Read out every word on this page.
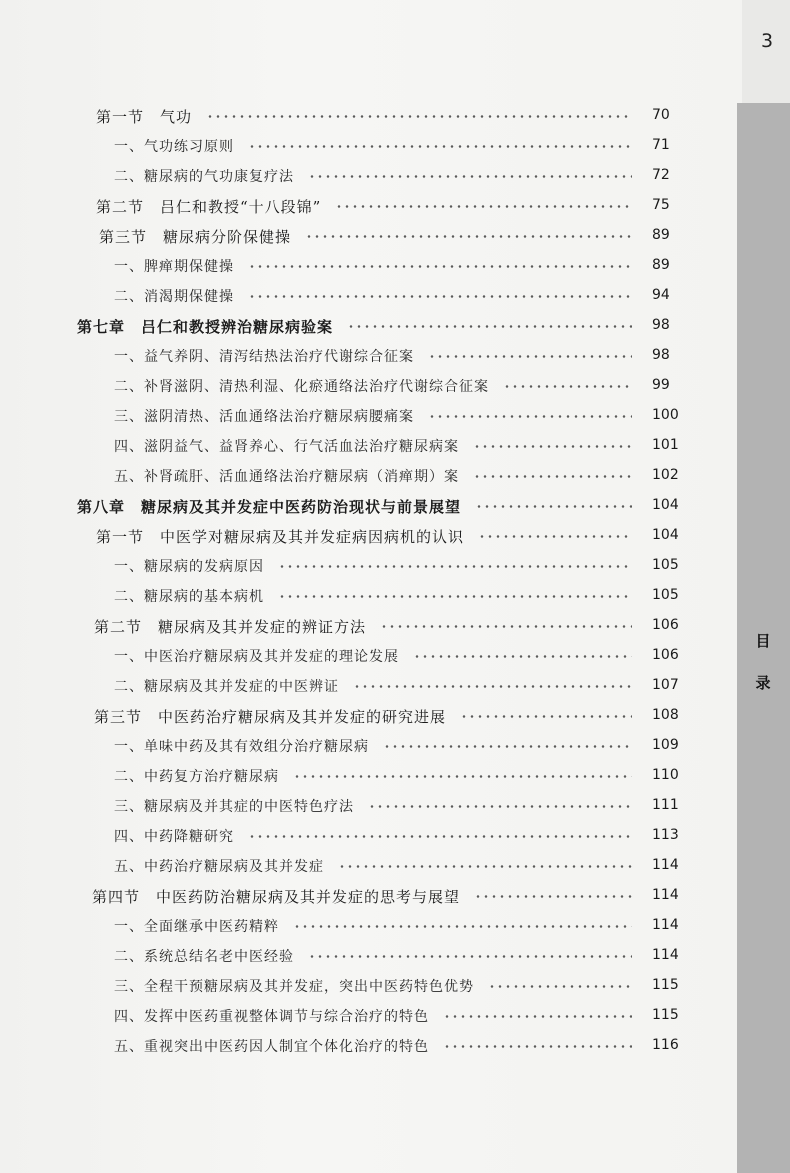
目录
3
第一节　气功	70
一、气功练习原则	71
二、糖尿病的气功康复疗法	72
第二节　吕仁和教授“十八段锦”	75
第三节　糖尿病分阶保健操	89
一、脾瘅期保健操	89
二、消渴期保健操	94
第七章　吕仁和教授辨治糖尿病验案	98
一、益气养阴、清泻结热法治疗代谢综合征案	98
二、补肾滋阴、清热利湿、化瘀通络法治疗代谢综合征案	99
三、滋阴清热、活血通络法治疗糖尿病腰痛案	100
四、滋阴益气、益肾养心、行气活血法治疗糖尿病案	101
五、补肾疏肝、活血通络法治疗糖尿病（消瘅期）案	102
第八章　糖尿病及其并发症中医药防治现状与前景展望	104
第一节　中医学对糖尿病及其并发症病因病机的认识	104
一、糖尿病的发病原因	105
二、糖尿病的基本病机	105
第二节　糖尿病及其并发症的辨证方法	106
一、中医治疗糖尿病及其并发症的理论发展	106
二、糖尿病及其并发症的中医辨证	107
第三节　中医药治疗糖尿病及其并发症的研究进展	108
一、单味中药及其有效组分治疗糖尿病	109
二、中药复方治疗糖尿病	110
三、糖尿病及并其症的中医特色疗法	111
四、中药降糖研究	113
五、中药治疗糖尿病及其并发症	114
第四节　中医药防治糖尿病及其并发症的思考与展望	114
一、全面继承中医药精粹	114
二、系统总结名老中医经验	114
三、全程干预糖尿病及其并发症，突出中医药特色优势	115
四、发挥中医药重视整体调节与综合治疗的特色	115
五、重视突出中医药因人制宜个体化治疗的特色	116
